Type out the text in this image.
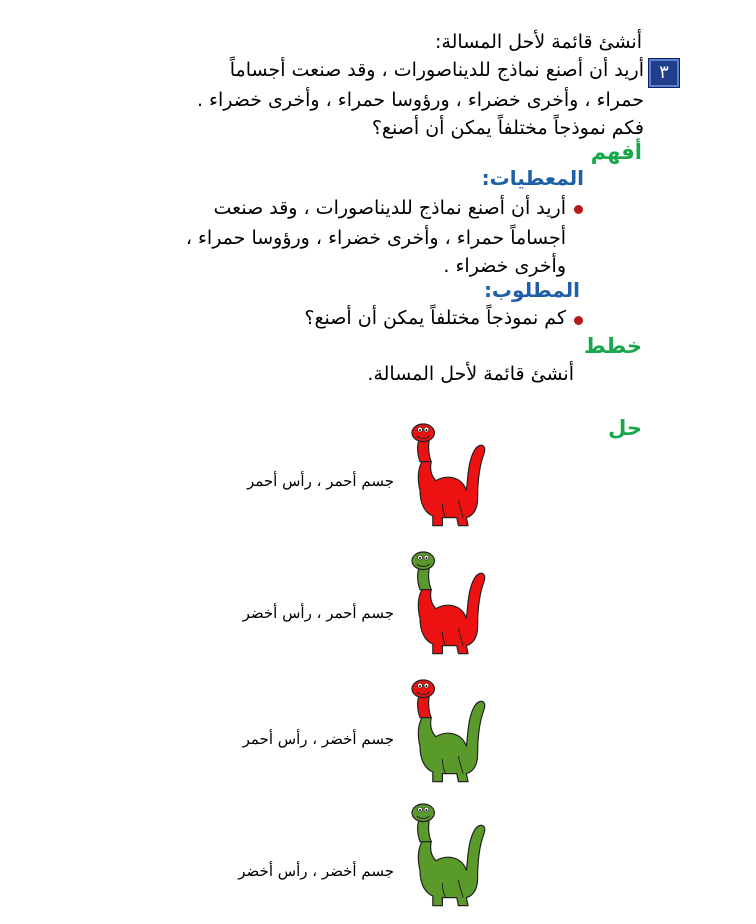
أنشئ قائمة لأحل المسالة:
٣
أريد أن أصنع نماذج للديناصورات ، وقد صنعت أجساماً
حمراء ، وأخرى خضراء ، ورؤوسا حمراء ، وأخرى خضراء .
فكم نموذجاً مختلفاً يمكن أن أصنع؟
أفهم
المعطيات:
أريد أن أصنع نماذج للديناصورات ، وقد صنعت
أجساماً حمراء ، وأخرى خضراء ، ورؤوسا حمراء ،
وأخرى خضراء .
المطلوب:
كم نموذجاً مختلفاً يمكن أن أصنع؟
خطط
أنشئ قائمة لأحل المسالة.
حل
جسم أحمر ، رأس أحمر
جسم أحمر ، رأس أخضر
جسم أخضر ، رأس أحمر
جسم أخضر ، رأس أخضر
